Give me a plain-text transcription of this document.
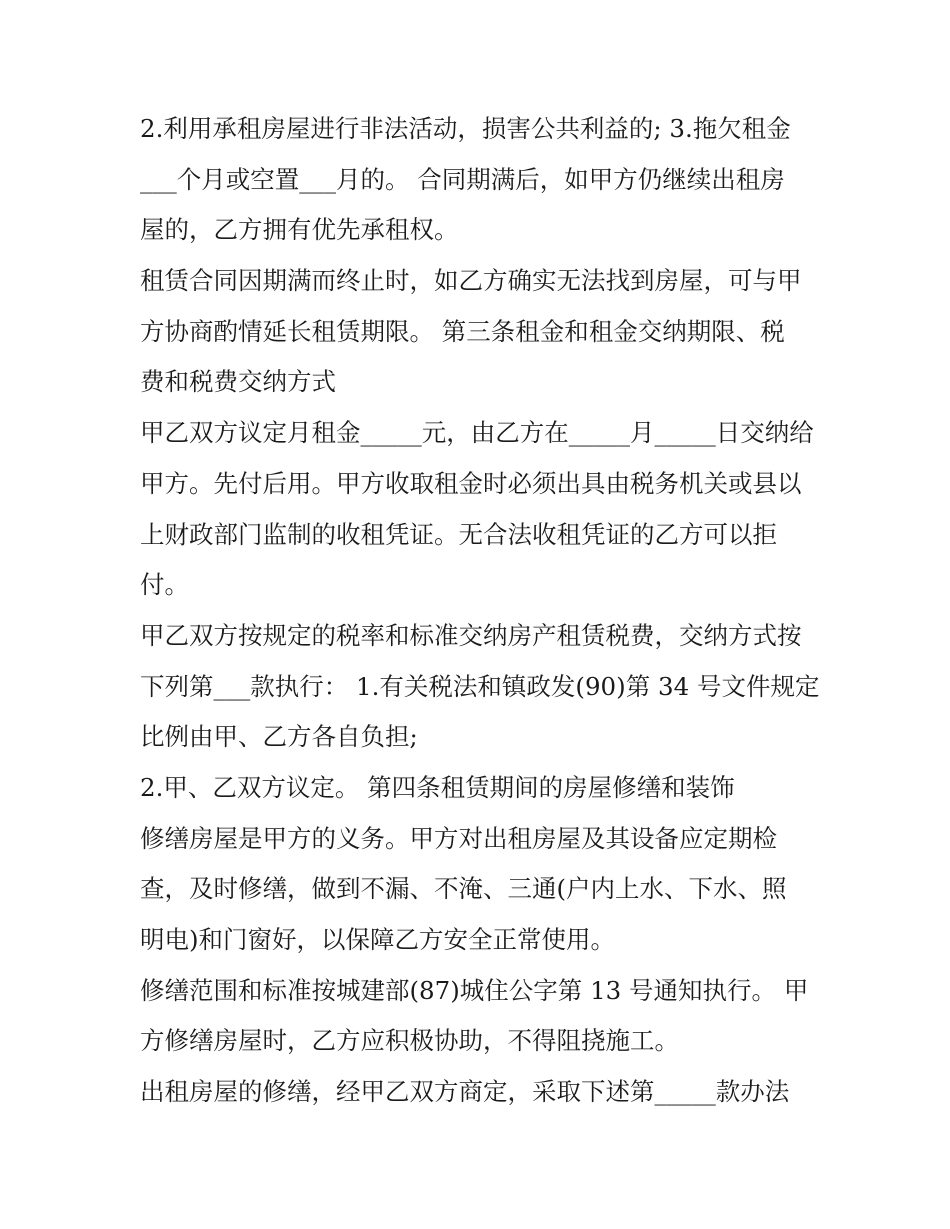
2.利用承租房屋进行非法活动，损害公共利益的; 3.拖欠租金
___个月或空置___月的。 合同期满后，如甲方仍继续出租房
屋的，乙方拥有优先承租权。
租赁合同因期满而终止时，如乙方确实无法找到房屋，可与甲
方协商酌情延长租赁期限。 第三条租金和租金交纳期限、税
费和税费交纳方式
甲乙双方议定月租金_____元，由乙方在_____月_____日交纳给
甲方。先付后用。甲方收取租金时必须出具由税务机关或县以
上财政部门监制的收租凭证。无合法收租凭证的乙方可以拒
付。
甲乙双方按规定的税率和标准交纳房产租赁税费，交纳方式按
下列第___款执行： 1.有关税法和镇政发(90)第 34 号文件规定
比例由甲、乙方各自负担;
2.甲、乙双方议定。 第四条租赁期间的房屋修缮和装饰
修缮房屋是甲方的义务。甲方对出租房屋及其设备应定期检
查，及时修缮，做到不漏、不淹、三通(户内上水、下水、照
明电)和门窗好，以保障乙方安全正常使用。
修缮范围和标准按城建部(87)城住公字第 13 号通知执行。 甲
方修缮房屋时，乙方应积极协助，不得阻挠施工。
出租房屋的修缮，经甲乙双方商定，采取下述第_____款办法
